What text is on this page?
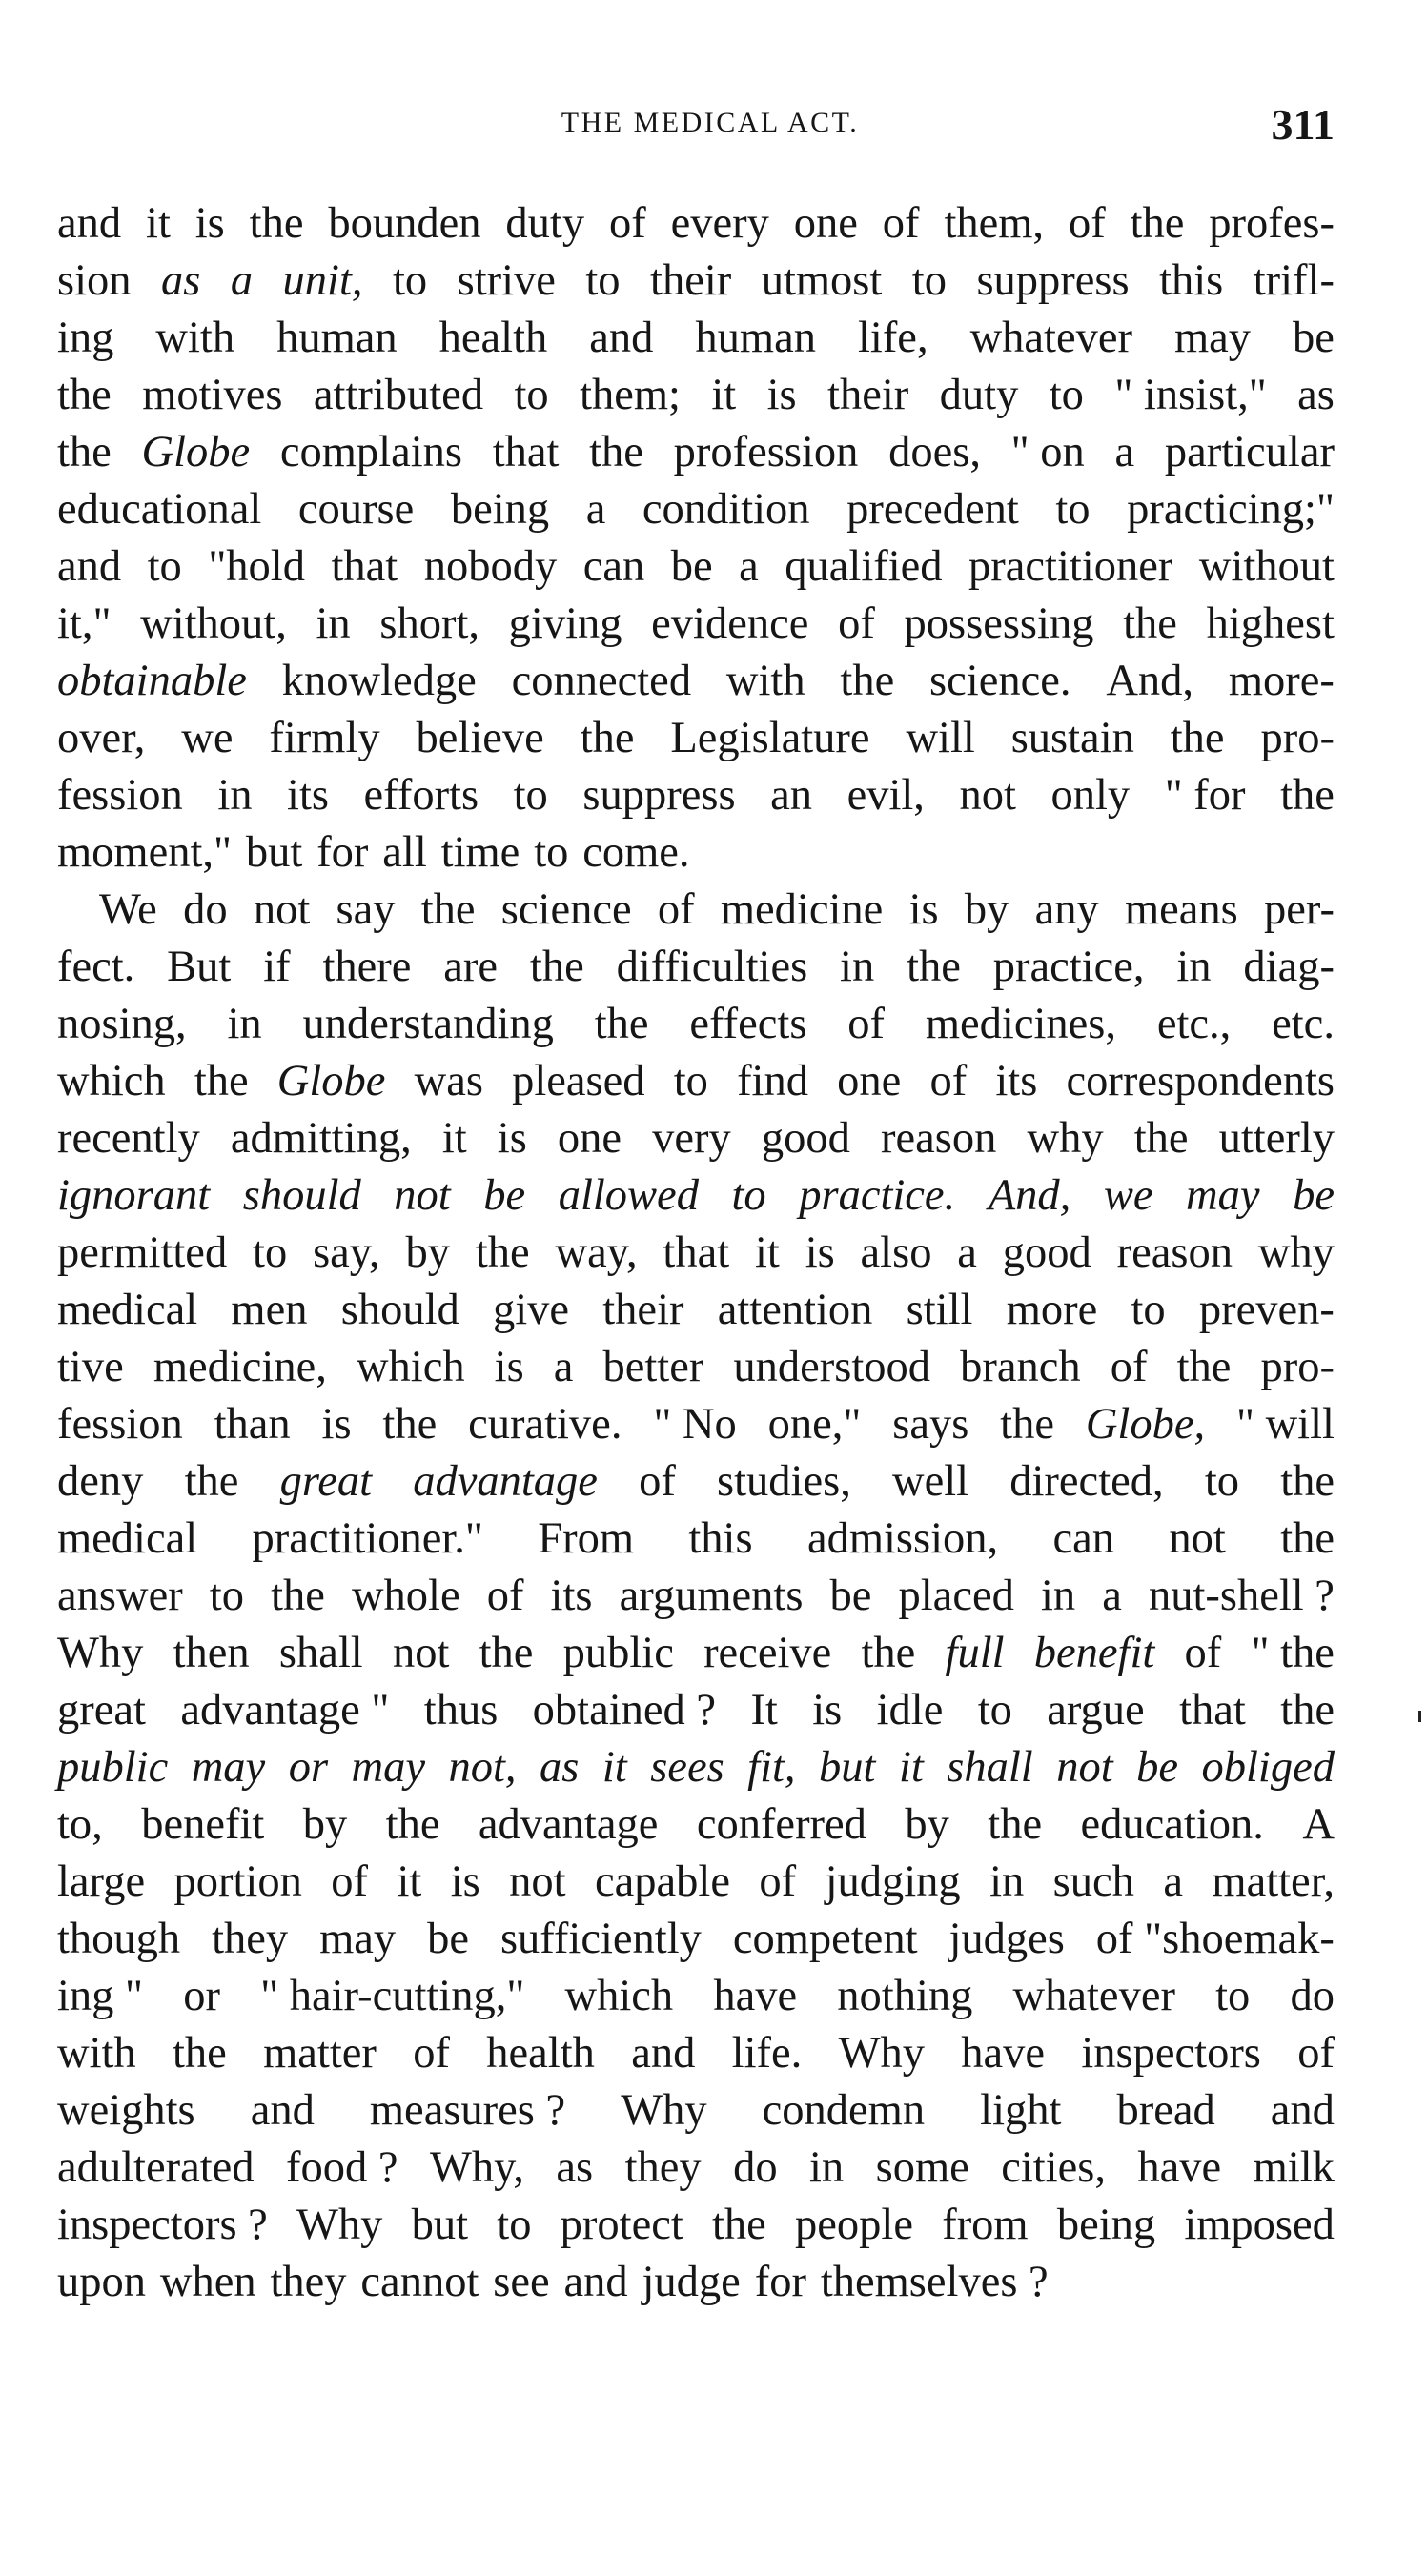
THE MEDICAL ACT.	311
and it is the bounden duty of every one of them, of the profes-
sion as a unit, to strive to their utmost to suppress this trifl-
ing with human health and human life, whatever may be
the motives attributed to them; it is their duty to " insist," as
the Globe complains that the profession does, " on a particular
educational course being a condition precedent to practicing;"
and to "hold that nobody can be a qualified practitioner without
it," without, in short, giving evidence of possessing the highest
obtainable knowledge connected with the science. And, more-
over, we firmly believe the Legislature will sustain the pro-
fession in its efforts to suppress an evil, not only " for the
moment," but for all time to come.
We do not say the science of medicine is by any means per-
fect. But if there are the difficulties in the practice, in diag-
nosing, in understanding the effects of medicines, etc., etc.
which the Globe was pleased to find one of its correspondents
recently admitting, it is one very good reason why the utterly
ignorant should not be allowed to practice. And, we may be
permitted to say, by the way, that it is also a good reason why
medical men should give their attention still more to preven-
tive medicine, which is a better understood branch of the pro-
fession than is the curative. " No one," says the Globe, " will
deny the great advantage of studies, well directed, to the
medical practitioner." From this admission, can not the
answer to the whole of its arguments be placed in a nut-shell ?
Why then shall not the public receive the full benefit of " the
great advantage " thus obtained ? It is idle to argue that the
public may or may not, as it sees fit, but it shall not be obliged
to, benefit by the advantage conferred by the education. A
large portion of it is not capable of judging in such a matter,
though they may be sufficiently competent judges of "shoemak-
ing " or " hair-cutting," which have nothing whatever to do
with the matter of health and life. Why have inspectors of
weights and measures ? Why condemn light bread and
adulterated food ? Why, as they do in some cities, have milk
inspectors ? Why but to protect the people from being imposed
upon when they cannot see and judge for themselves ?
